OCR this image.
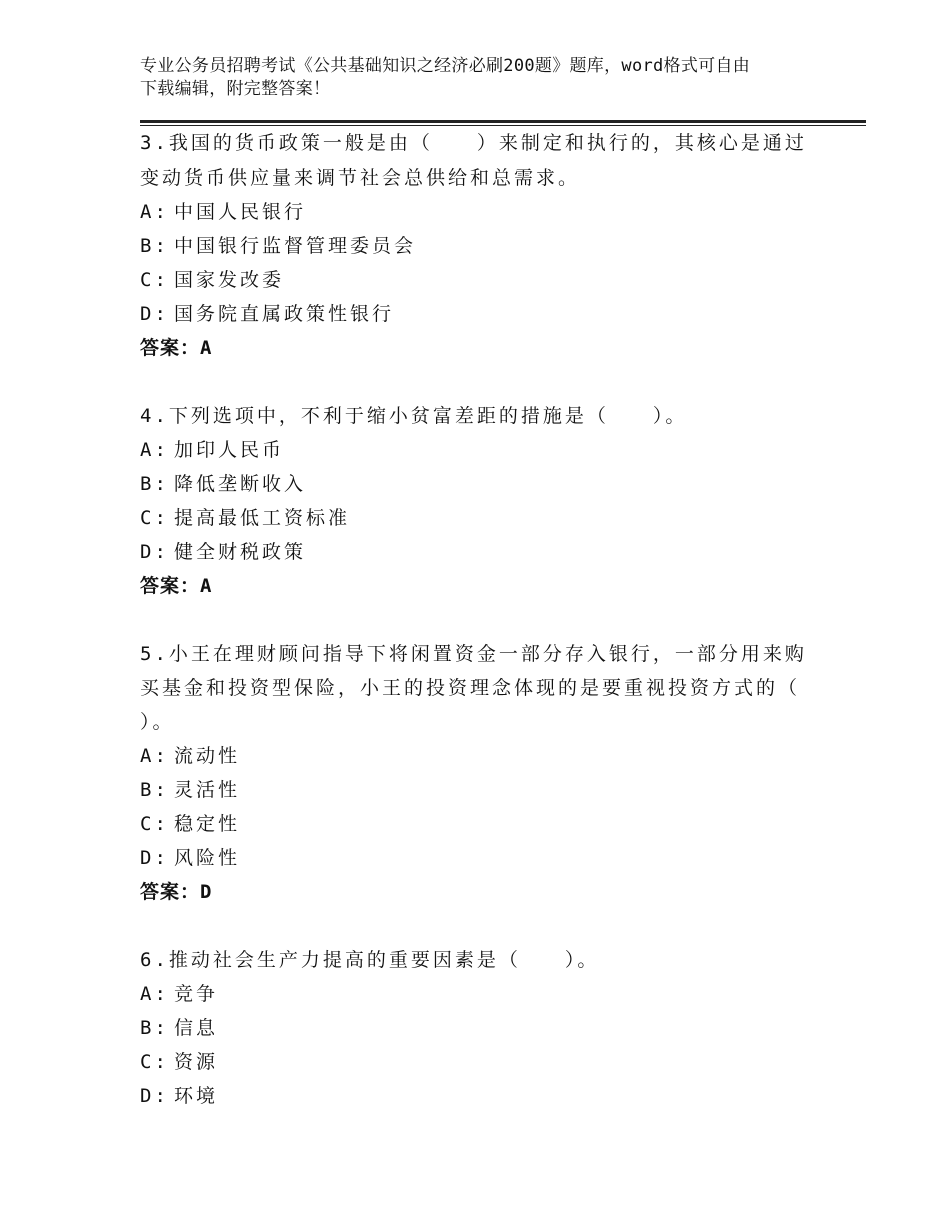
专业公务员招聘考试《公共基础知识之经济必刷200题》题库，word格式可自由
下载编辑，附完整答案！

3.我国的货币政策一般是由（　　）来制定和执行的，其核心是通过

变动货币供应量来调节社会总供给和总需求。

A: 中国人民银行
B: 中国银行监督管理委员会
C: 国家发改委
D: 国务院直属政策性银行

答案：A

4.下列选项中，不利于缩小贫富差距的措施是（　　）。

A: 加印人民币
B: 降低垄断收入
C: 提高最低工资标准
D: 健全财税政策

答案：A

5.小王在理财顾问指导下将闲置资金一部分存入银行，一部分用来购

买基金和投资型保险，小王的投资理念体现的是要重视投资方式的（

）。

A: 流动性
B: 灵活性
C: 稳定性
D: 风险性

答案：D

6.推动社会生产力提高的重要因素是（　　）。

A: 竞争
B: 信息
C: 资源
D: 环境
